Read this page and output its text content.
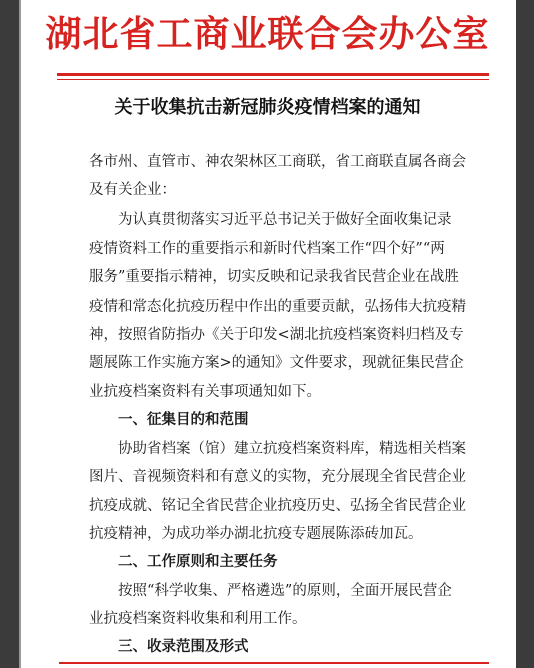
湖北省工商业联合会办公室
关于收集抗击新冠肺炎疫情档案的通知
各市州、直管市、神农架林区工商联，省工商联直属各商会
及有关企业：
为认真贯彻落实习近平总书记关于做好全面收集记录
疫情资料工作的重要指示和新时代档案工作“四个好”“两
服务”重要指示精神，切实反映和记录我省民营企业在战胜
疫情和常态化抗疫历程中作出的重要贡献，弘扬伟大抗疫精
神，按照省防指办《关于印发<湖北抗疫档案资料归档及专
题展陈工作实施方案>的通知》文件要求，现就征集民营企
业抗疫档案资料有关事项通知如下。
一、征集目的和范围
协助省档案（馆）建立抗疫档案资料库，精选相关档案
图片、音视频资料和有意义的实物，充分展现全省民营企业
抗疫成就、铭记全省民营企业抗疫历史、弘扬全省民营企业
抗疫精神，为成功举办湖北抗疫专题展陈添砖加瓦。
二、工作原则和主要任务
按照“科学收集、严格遴选”的原则，全面开展民营企
业抗疫档案资料收集和利用工作。
三、收录范围及形式
